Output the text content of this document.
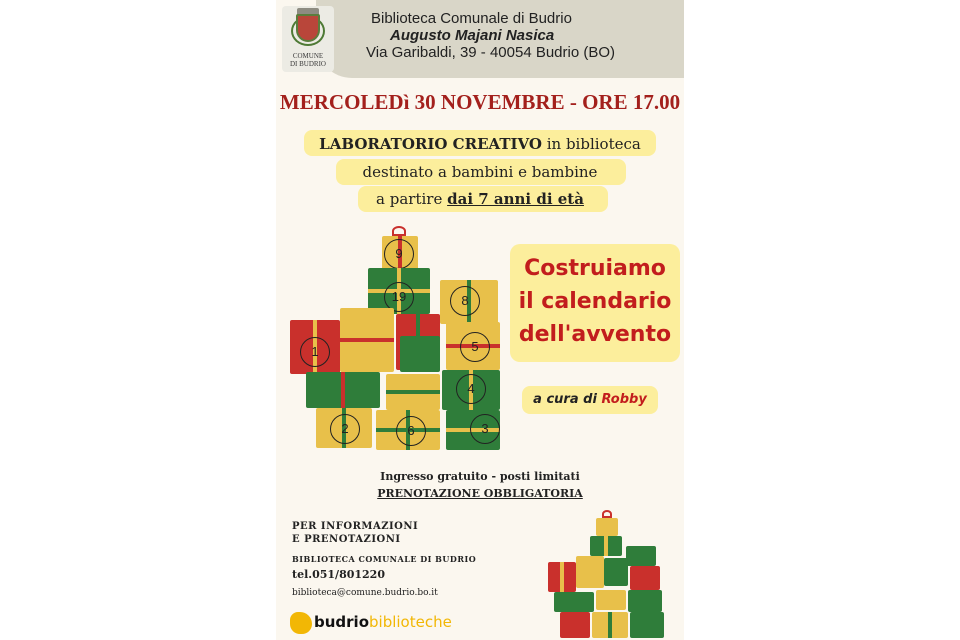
COMUNE
DI BUDRIO
Biblioteca Comunale di Budrio
Augusto Majani Nasica
Via Garibaldi, 39 - 40054 Budrio (BO)
MERCOLEDì 30 NOVEMBRE - ORE 17.00
LABORATORIO CREATIVO in biblioteca
destinato a bambini e bambine
a partire dai 7 anni di età
9
19	8
1	5
4
2	6	3
Costruiamo
il calendario
dell'avvento
a cura di Robby
Ingresso gratuito - posti limitati
PRENOTAZIONE OBBLIGATORIA
PER INFORMAZIONI
E PRENOTAZIONI
BIBLIOTECA COMUNALE DI BUDRIO
tel.051/801220
biblioteca@comune.budrio.bo.it
budriobiblioteche
